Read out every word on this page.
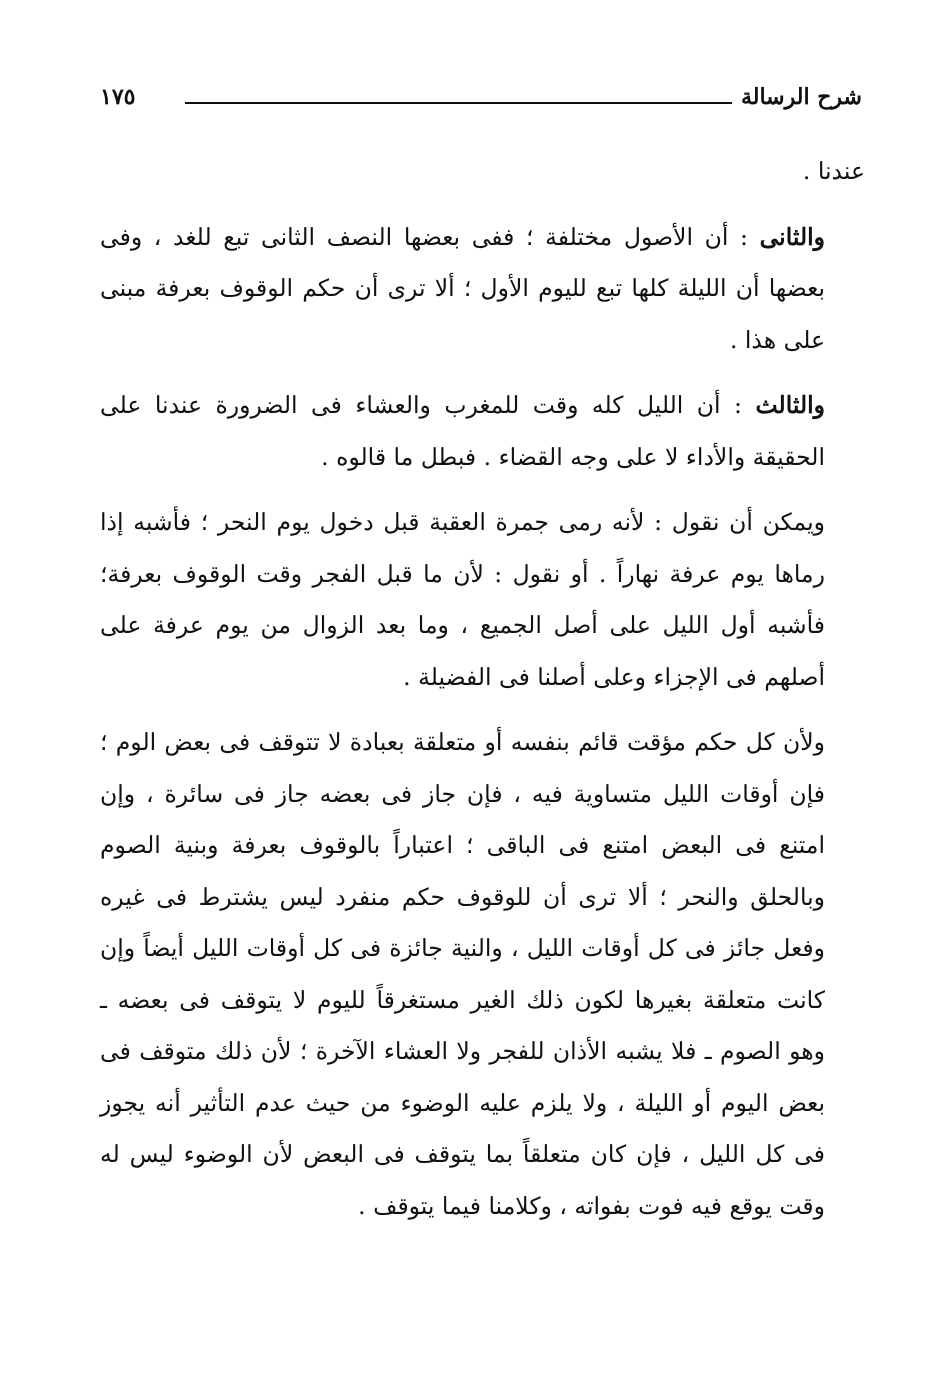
شرح الرسالة
١٧٥

عندنا .

والثانى : أن الأصول مختلفة ؛ ففى بعضها النصف الثانى تبع للغد ، وفى بعضها أن الليلة كلها تبع لليوم الأول ؛ ألا ترى أن حكم الوقوف بعرفة مبنى على هذا .

والثالث : أن الليل كله وقت للمغرب والعشاء فى الضرورة عندنا على الحقيقة والأداء لا على وجه القضاء . فبطل ما قالوه .

ويمكن أن نقول : لأنه رمى جمرة العقبة قبل دخول يوم النحر ؛ فأشبه إذا رماها يوم عرفة نهاراً . أو نقول : لأن ما قبل الفجر وقت الوقوف بعرفة؛ فأشبه أول الليل على أصل الجميع ، وما بعد الزوال من يوم عرفة على أصلهم فى الإجزاء وعلى أصلنا فى الفضيلة .

ولأن كل حكم مؤقت قائم بنفسه أو متعلقة بعبادة لا تتوقف فى بعض الوم ؛ فإن أوقات الليل متساوية فيه ، فإن جاز فى بعضه جاز فى سائرة ، وإن امتنع فى البعض امتنع فى الباقى ؛ اعتباراً بالوقوف بعرفة وبنية الصوم وبالحلق والنحر ؛ ألا ترى أن للوقوف حكم منفرد ليس يشترط فى غيره وفعل جائز فى كل أوقات الليل ، والنية جائزة فى كل أوقات الليل أيضاً وإن كانت متعلقة بغيرها لكون ذلك الغير مستغرقاً لليوم لا يتوقف فى بعضه ـ وهو الصوم ـ فلا يشبه الأذان للفجر ولا العشاء الآخرة ؛ لأن ذلك متوقف فى بعض اليوم أو الليلة ، ولا يلزم عليه الوضوء من حيث عدم التأثير أنه يجوز فى كل الليل ، فإن كان متعلقاً بما يتوقف فى البعض لأن الوضوء ليس له وقت يوقع فيه فوت بفواته ، وكلامنا فيما يتوقف .
